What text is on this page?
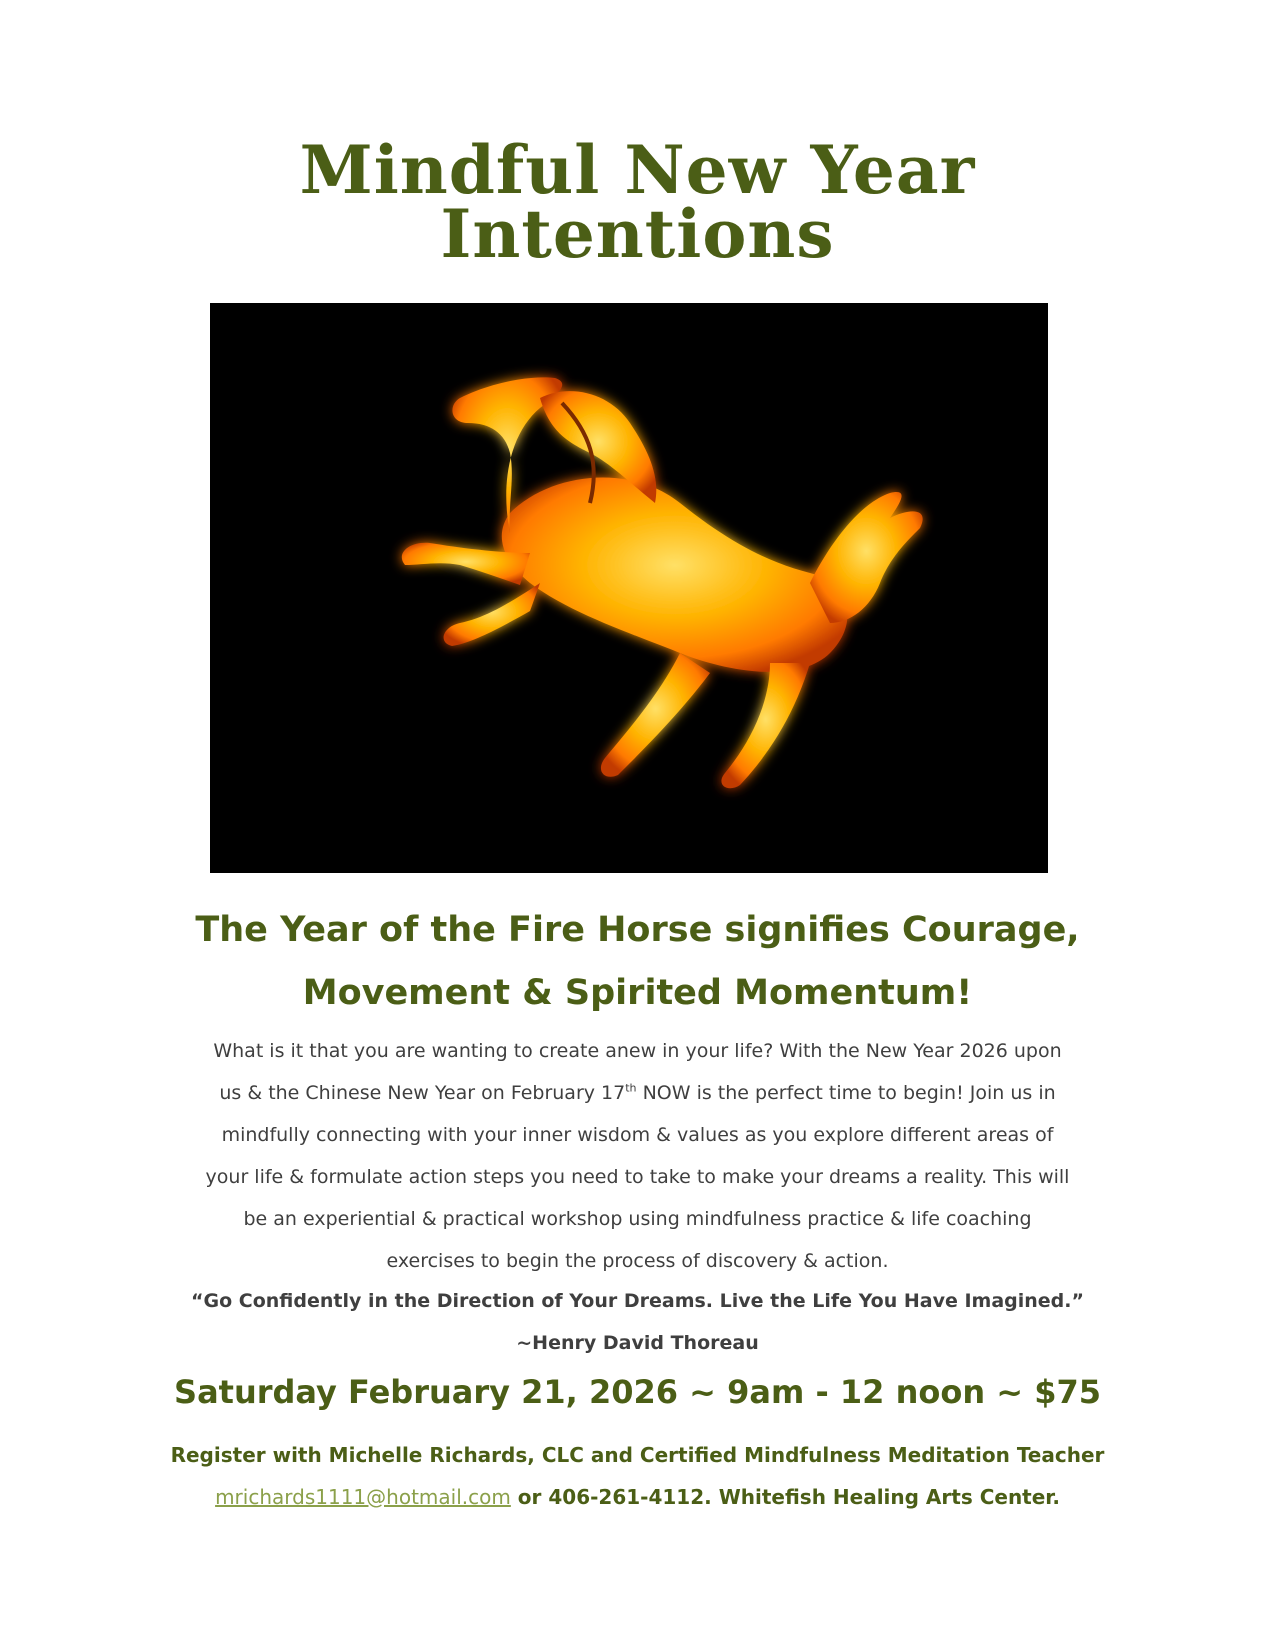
Mindful New Year
Intentions
The Year of the Fire Horse signifies Courage,
Movement & Spirited Momentum!
What is it that you are wanting to create anew in your life? With the New Year 2026 upon
us & the Chinese New Year on February 17th NOW is the perfect time to begin! Join us in
mindfully connecting with your inner wisdom & values as you explore different areas of
your life & formulate action steps you need to take to make your dreams a reality. This will
be an experiential & practical workshop using mindfulness practice & life coaching
exercises to begin the process of discovery & action.
“Go Confidently in the Direction of Your Dreams. Live the Life You Have Imagined.”
~Henry David Thoreau
Saturday February 21, 2026 ~ 9am - 12 noon ~ $75
Register with Michelle Richards, CLC and Certified Mindfulness Meditation Teacher
mrichards1111@hotmail.com or 406-261-4112. Whitefish Healing Arts Center.
